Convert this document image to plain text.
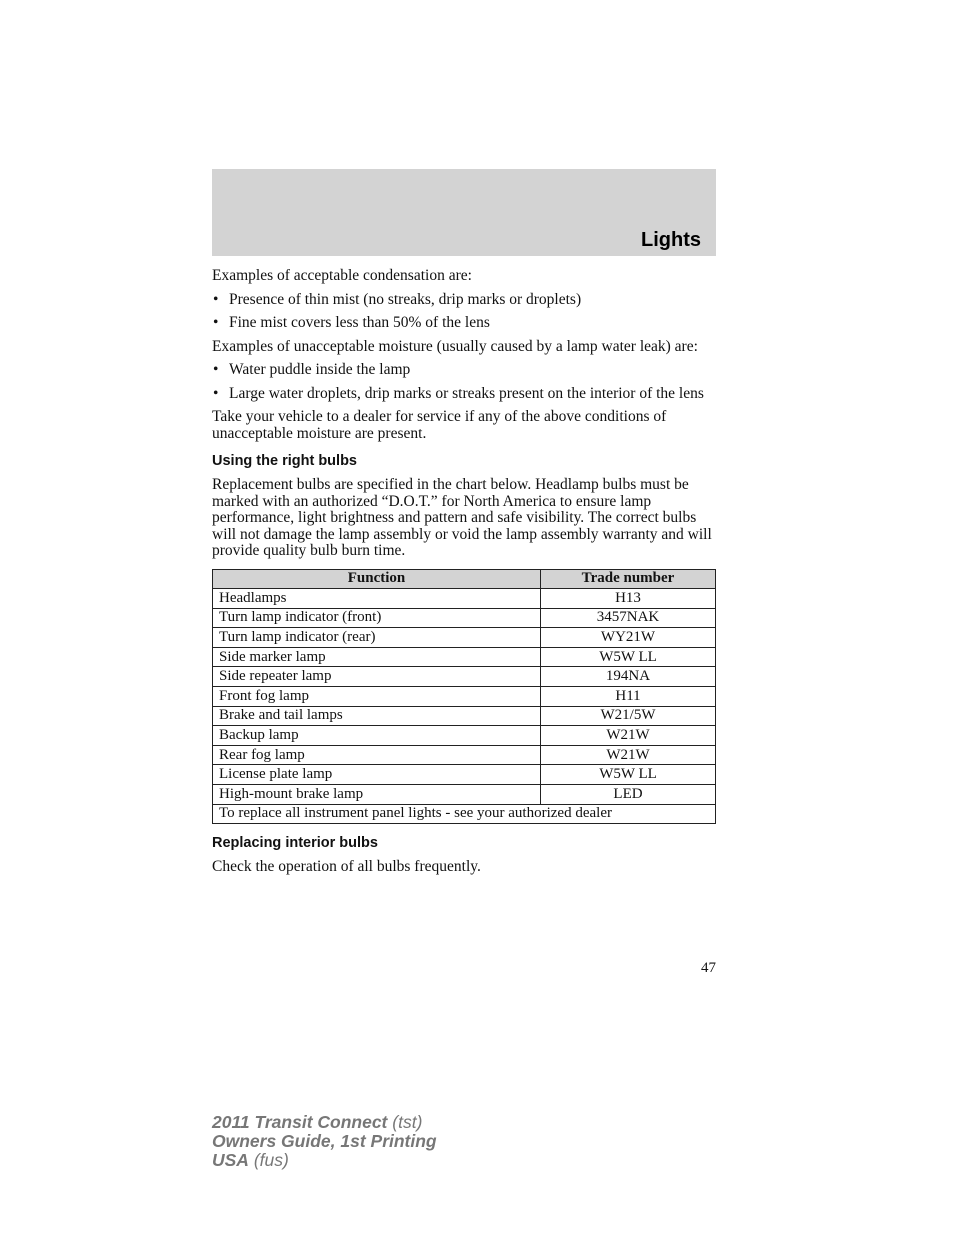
Lights

Examples of acceptable condensation are:

• Presence of thin mist (no streaks, drip marks or droplets)
• Fine mist covers less than 50% of the lens

Examples of unacceptable moisture (usually caused by a lamp water leak) are:

• Water puddle inside the lamp
• Large water droplets, drip marks or streaks present on the interior of the lens

Take your vehicle to a dealer for service if any of the above conditions of unacceptable moisture are present.

Using the right bulbs

Replacement bulbs are specified in the chart below. Headlamp bulbs must be marked with an authorized “D.O.T.” for North America to ensure lamp performance, light brightness and pattern and safe visibility. The correct bulbs will not damage the lamp assembly or void the lamp assembly warranty and will provide quality bulb burn time.

Function	Trade number
Headlamps	H13
Turn lamp indicator (front)	3457NAK
Turn lamp indicator (rear)	WY21W
Side marker lamp	W5W LL
Side repeater lamp	194NA
Front fog lamp	H11
Brake and tail lamps	W21/5W
Backup lamp	W21W
Rear fog lamp	W21W
License plate lamp	W5W LL
High-mount brake lamp	LED
To replace all instrument panel lights - see your authorized dealer	
Replacing interior bulbs

Check the operation of all bulbs frequently.

47
2011 Transit Connect (tst)
Owners Guide, 1st Printing
USA (fus)
